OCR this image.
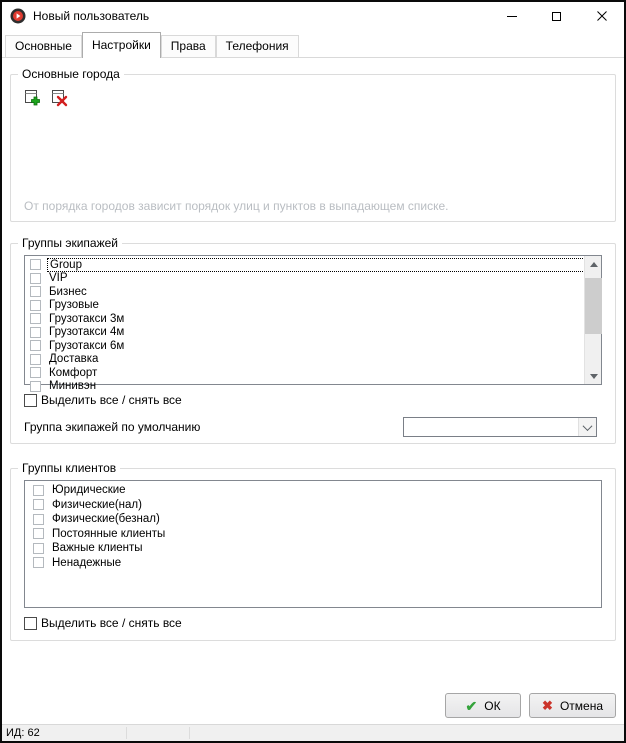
Новый пользователь
Основные Настройки Права Телефония
Основные города
От порядка городов зависит порядок улиц и пунктов в выпадающем списке.
Группы экипажей
Group
VIP
Бизнес
Грузовые
Грузотакси 3м
Грузотакси 4м
Грузотакси 6м
Доставка
Комфорт
Минивэн
Выделить все / снять все
Группа экипажей по умолчанию
Группы клиентов
Юридические
Физические(нал)
Физические(безнал)
Постоянные клиенты
Важные клиенты
Ненадежные
Выделить все / снять все
✔ ОК	✖ Отмена
ИД: 62
